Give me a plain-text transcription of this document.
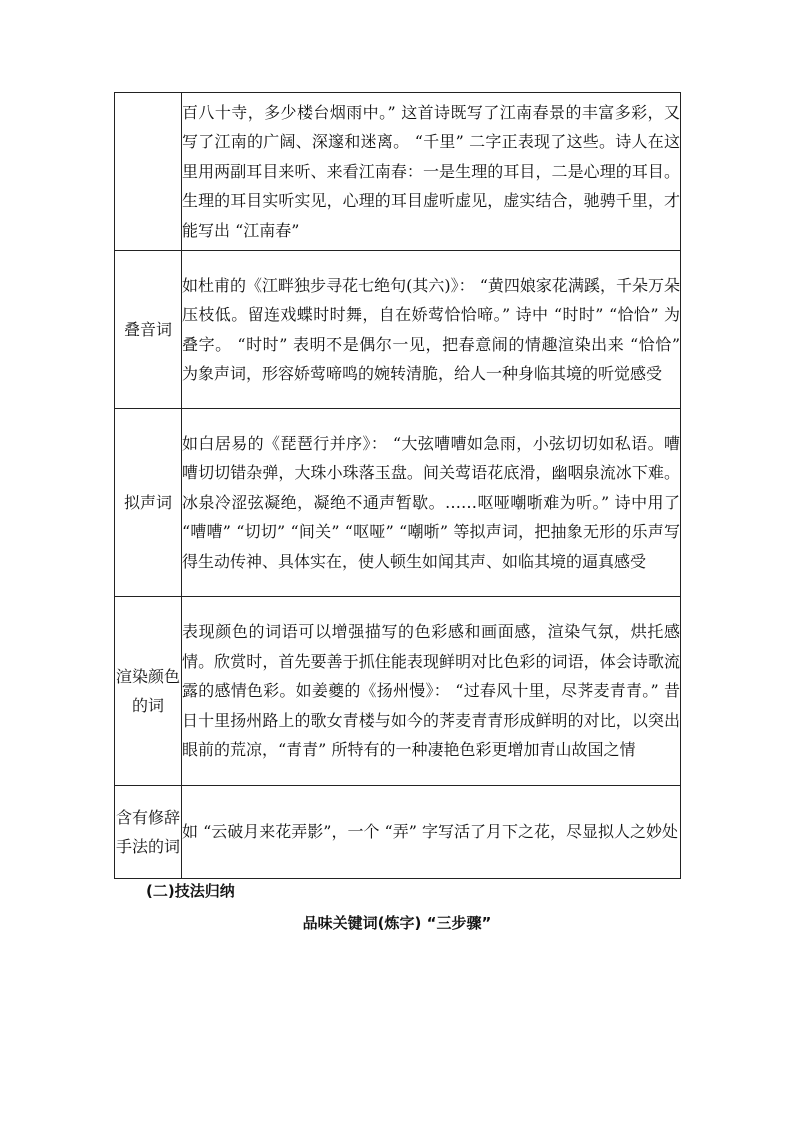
	百八十寺，多少楼台烟雨中。” 这首诗既写了江南春景的丰富多彩，又写了江南的广阔、深邃和迷离。 “千里” 二字正表现了这些。诗人在这里用两副耳目来听、来看江南春：一是生理的耳目，二是心理的耳目。生理的耳目实听实见，心理的耳目虚听虚见，虚实结合，驰骋千里，才能写出 “江南春”
叠音词	如杜甫的《江畔独步寻花七绝句(其六)》： “黄四娘家花满蹊，千朵万朵压枝低。留连戏蝶时时舞，自在娇莺恰恰啼。” 诗中 “时时” “恰恰” 为叠字。 “时时” 表明不是偶尔一见，把春意闹的情趣渲染出来 “恰恰” 为象声词，形容娇莺啼鸣的婉转清脆，给人一种身临其境的听觉感受
拟声词	如白居易的《琵琶行并序》： “大弦嘈嘈如急雨，小弦切切如私语。嘈嘈切切错杂弹，大珠小珠落玉盘。间关莺语花底滑，幽咽泉流冰下难。冰泉冷涩弦凝绝，凝绝不通声暂歇。……呕哑嘲哳难为听。” 诗中用了 “嘈嘈” “切切” “间关” “呕哑” “嘲哳” 等拟声词，把抽象无形的乐声写得生动传神、具体实在，使人顿生如闻其声、如临其境的逼真感受
渲染颜色的词	表现颜色的词语可以增强描写的色彩感和画面感，渲染气氛，烘托感情。欣赏时，首先要善于抓住能表现鲜明对比色彩的词语，体会诗歌流露的感情色彩。如姜夔的《扬州慢》： “过春风十里，尽荠麦青青。” 昔日十里扬州路上的歌女青楼与如今的荠麦青青形成鲜明的对比，以突出眼前的荒凉，“青青” 所特有的一种凄艳色彩更增加青山故国之情
含有修辞手法的词	如 “云破月来花弄影”，一个 “弄” 字写活了月下之花，尽显拟人之妙处
(二)技法归纳
品味关键词(炼字) “三步骤”
